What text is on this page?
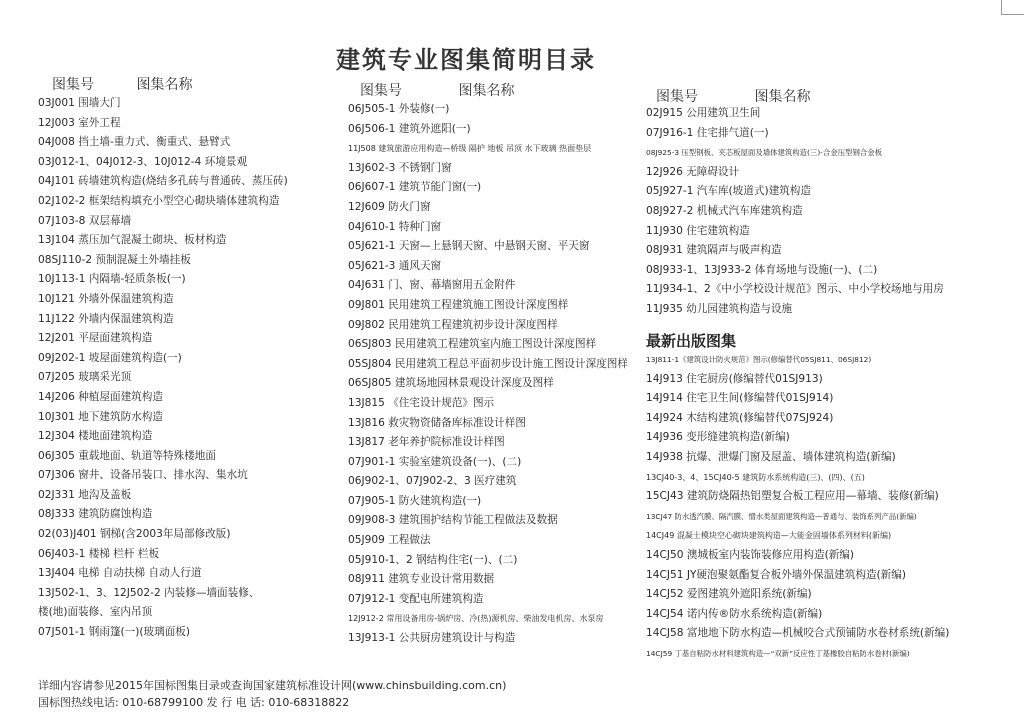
建筑专业图集简明目录
图集号	图集名称
03J001 围墙大门
12J003 室外工程
04J008 挡土墙-重力式、衡重式、悬臂式
03J012-1、04J012-3、10J012-4 环境景观
04J101 砖墙建筑构造(烧结多孔砖与普通砖、蒸压砖)
02J102-2 框架结构填充小型空心砌块墙体建筑构造
07J103-8 双层幕墙
13J104 蒸压加气混凝土砌块、板材构造
08SJ110-2 预制混凝土外墙挂板
10J113-1 内隔墙-轻质条板(一)
10J121 外墙外保温建筑构造
11J122 外墙内保温建筑构造
12J201 平屋面建筑构造
09J202-1 坡屋面建筑构造(一)
07J205 玻璃采光顶
14J206 种植屋面建筑构造
10J301 地下建筑防水构造
12J304 楼地面建筑构造
06J305 重载地面、轨道等特殊楼地面
07J306 窗井、设备吊装口、排水沟、集水坑
02J331 地沟及盖板
08J333 建筑防腐蚀构造
02(03)J401 钢梯(含2003年局部修改版)
06J403-1 楼梯 栏杆 栏板
13J404 电梯 自动扶梯 自动人行道
13J502-1、3、12J502-2 内装修—墙面装修、
楼(地)面装修、室内吊顶
07J501-1 钢雨篷(一)(玻璃面板)
图集号	图集名称
06J505-1 外装修(一)
06J506-1 建筑外遮阳(一)
11J508 建筑旅游应用构造—桥级 隔护 地板 吊顶 水下玻璃 热面垫层
13J602-3 不锈钢门窗
06J607-1 建筑节能门窗(一)
12J609 防火门窗
04J610-1 特种门窗
05J621-1 天窗—上悬钢天窗、中悬钢天窗、平天窗
05J621-3 通风天窗
04J631 门、窗、幕墙窗用五金附件
09J801 民用建筑工程建筑施工图设计深度图样
09J802 民用建筑工程建筑初步设计深度图样
06SJ803 民用建筑工程建筑室内施工图设计深度图样
05SJ804 民用建筑工程总平面初步设计施工图设计深度图样
06SJ805 建筑场地园林景观设计深度及图样
13J815 《住宅设计规范》图示
13J816 救灾物资储备库标准设计样图
13J817 老年养护院标准设计样图
07J901-1 实验室建筑设备(一)、(二)
06J902-1、07J902-2、3 医疗建筑
07J905-1 防火建筑构造(一)
09J908-3 建筑围护结构节能工程做法及数据
05J909 工程做法
05J910-1、2 钢结构住宅(一)、(二)
08J911 建筑专业设计常用数据
07J912-1 变配电所建筑构造
12J912-2 常用设备用房-锅炉房、冷(热)源机房、柴油发电机房、水泵房
13J913-1 公共厨房建筑设计与构造
图集号	图集名称
02J915 公用建筑卫生间
07J916-1 住宅排气道(一)
08J925-3 压型钢板、夹芯板屋面及墙体建筑构造(三)-合金压型钢合金板
12J926 无障碍设计
05J927-1 汽车库(坡道式)建筑构造
08J927-2 机械式汽车库建筑构造
11J930 住宅建筑构造
08J931 建筑隔声与吸声构造
08J933-1、13J933-2 体育场地与设施(一)、(二)
11J934-1、2《中小学校设计规范》图示、中小学校场地与用房
11J935 幼儿园建筑构造与设施
最新出版图集
13J811-1《建筑设计防火规范》图示(修编替代05SJ811、06SJ812)
14J913 住宅厨房(修编替代01SJ913)
14J914 住宅卫生间(修编替代01SJ914)
14J924 木结构建筑(修编替代07SJ924)
14J936 变形缝建筑构造(新编)
14J938 抗爆、泄爆门窗及屋盖、墙体建筑构造(新编)
13CJ40-3、4、15CJ40-5 建筑防水系统构造(三)、(四)、(五)
15CJ43 建筑防烧隔热铝塑复合板工程应用—幕墙、装修(新编)
13CJ47 防水透汽膜、隔汽膜、憎水类屋面建筑构造—普通与、装饰系列产品(新编)
14CJ49 混凝土模块空心砌块建筑构造—大能金固墙体系列材料(新编)
14CJ50 澳城板室内装饰装修应用构造(新编)
14CJ51 JY硬泡聚氨酯复合板外墙外保温建筑构造(新编)
14CJ52 爱图建筑外遮阳系统(新编)
14CJ54 诺内传®防水系统构造(新编)
14CJ58 富地地下防水构造—机械咬合式预铺防水卷材系统(新编)
14CJ59 丁基自粘防水材料建筑构造—“双新”反应性丁基橡胶自粘防水卷材(新编)
详细内容请参见2015年国标图集目录或查询国家建筑标准设计网(www.chinsbuilding.com.cn)
国标图热线电话: 010-68799100 发 行 电 话: 010-68318822
